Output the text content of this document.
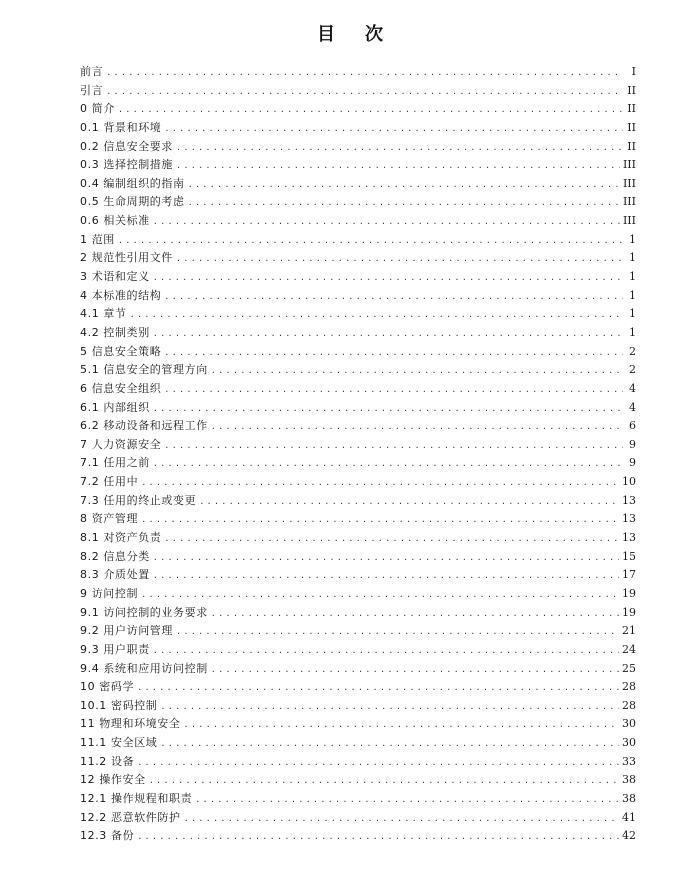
目 次
前言 . . .	I
引言 . . .	II
0 简介 . . .	II
0.1 背景和环境 . . .	II
0.2 信息安全要求 . . .	II
0.3 选择控制措施 . . .	III
0.4 编制组织的指南 . . .	III
0.5 生命周期的考虑 . . .	III
0.6 相关标准 . . .	III
1 范围 . . .	1
2 规范性引用文件 . . .	1
3 术语和定义 . . .	1
4 本标准的结构 . . .	1
4.1 章节 . . .	1
4.2 控制类别 . . .	1
5 信息安全策略 . . .	2
5.1 信息安全的管理方向 . . .	2
6 信息安全组织 . . .	4
6.1 内部组织 . . .	4
6.2 移动设备和远程工作 . . .	6
7 人力资源安全 . . .	9
7.1 任用之前 . . .	9
7.2 任用中 . . .	10
7.3 任用的终止或变更 . . .	13
8 资产管理 . . .	13
8.1 对资产负责 . . .	13
8.2 信息分类 . . .	15
8.3 介质处置 . . .	17
9 访问控制 . . .	19
9.1 访问控制的业务要求 . . .	19
9.2 用户访问管理 . . .	21
9.3 用户职责 . . .	24
9.4 系统和应用访问控制 . . .	25
10 密码学 . . .	28
10.1 密码控制 . . .	28
11 物理和环境安全 . . .	30
11.1 安全区域 . . .	30
11.2 设备 . . .	33
12 操作安全 . . .	38
12.1 操作规程和职责 . . .	38
12.2 恶意软件防护 . . .	41
12.3 备份 . . .	42
